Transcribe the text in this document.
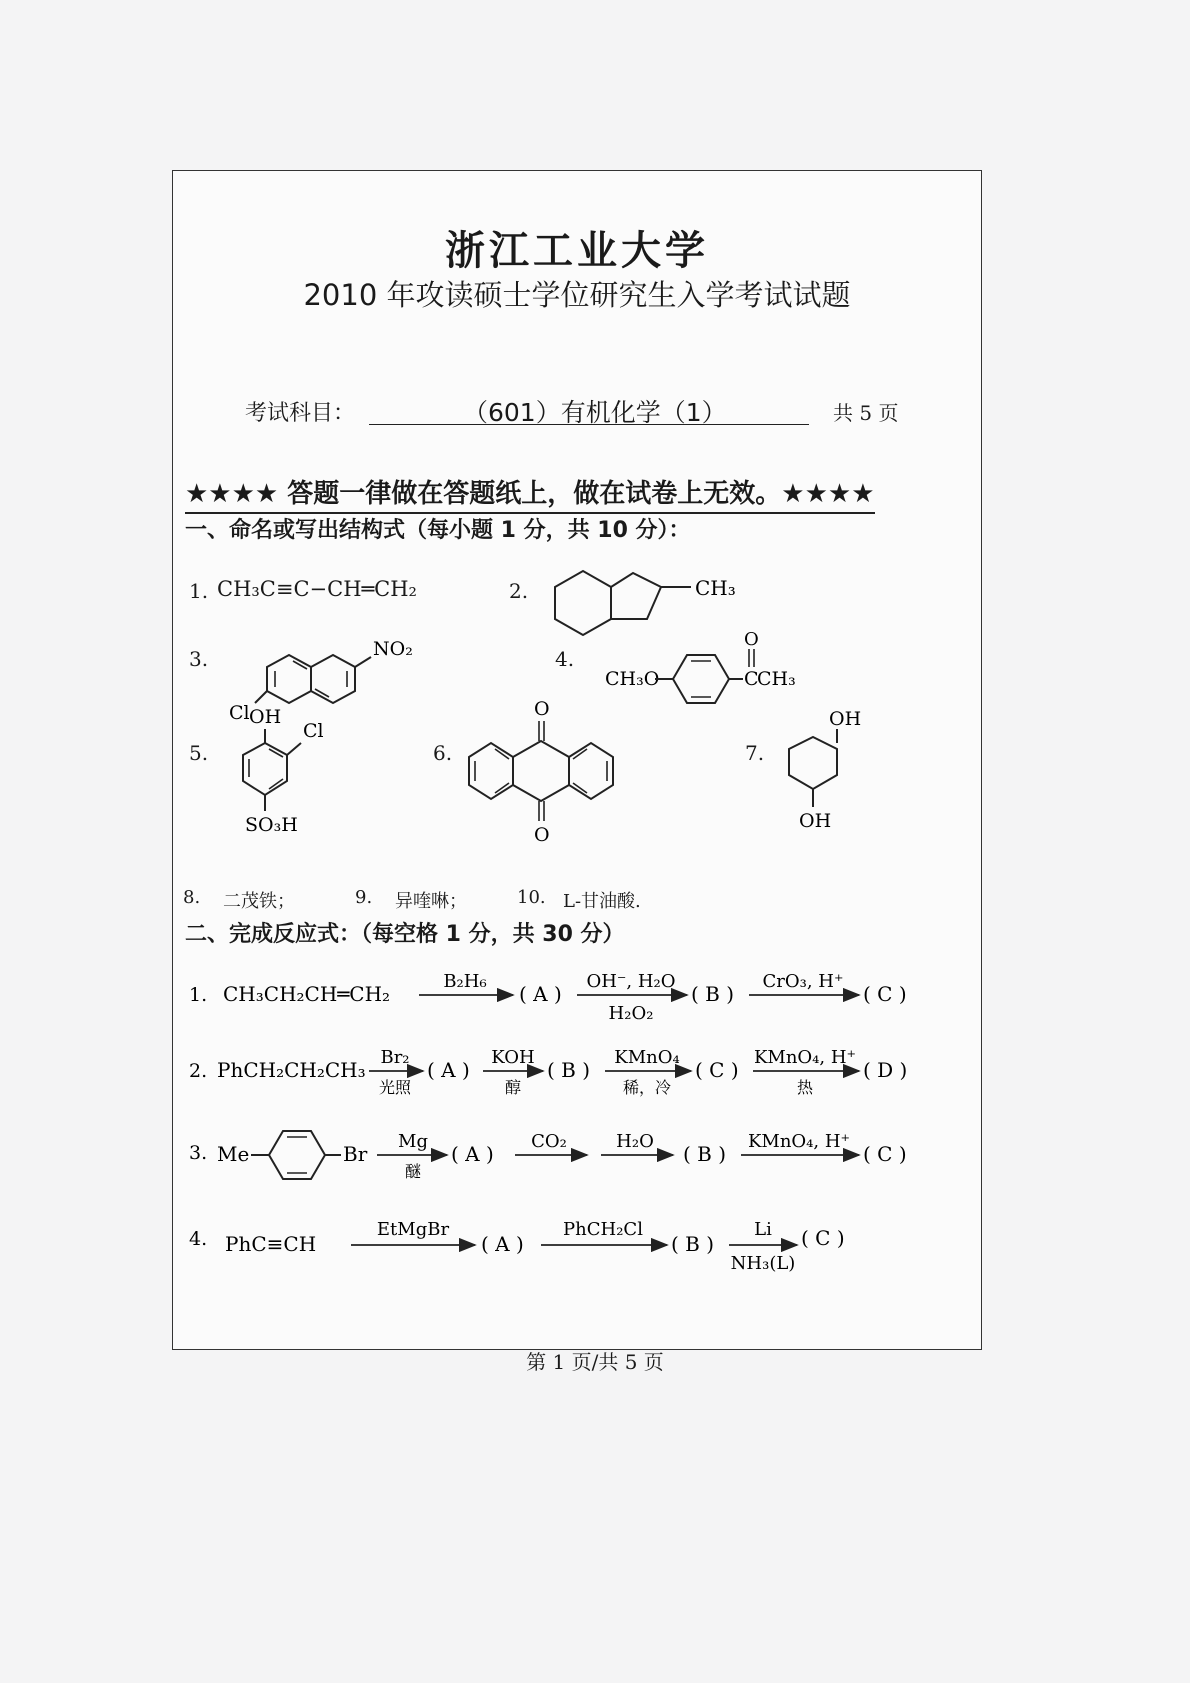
浙江工业大学
2010 年攻读硕士学位研究生入学考试试题
考试科目：	（601）有机化学（1）	共 5 页
★★★★ 答题一律做在答题纸上，做在试卷上无效。★★★★
一、命名或写出结构式（每小题 1 分，共 10 分）：
1. CH₃C≡C−CH═CH₂	2.	CH₃
3.	NO₂
Cl
4.
CH₃O	C
O
CH₃
5.
OH
Cl
SO₃H
6.
O
O
7.
OH
OH
8. 二茂铁；	9. 异喹啉；	10. L-甘油酸.
二、完成反应式：（每空格 1 分，共 30 分）
1. CH₃CH₂CH═CH₂
B₂H₆
( A )
OH⁻, H₂O
H₂O₂
( B )
CrO₃, H⁺
( C )
2. PhCH₂CH₂CH₃
Br₂
光照
( A )
KOH
醇
( B )
KMnO₄
稀，冷
( C )
KMnO₄, H⁺
热
( D )
3. Me	Br
Mg
醚
( A )
CO₂	H₂O
( B )
KMnO₄, H⁺
( C )
4. PhC≡CH
EtMgBr
( A )
PhCH₂Cl
( B )
Li
NH₃(L)
( C )
第 1 页/共 5 页
